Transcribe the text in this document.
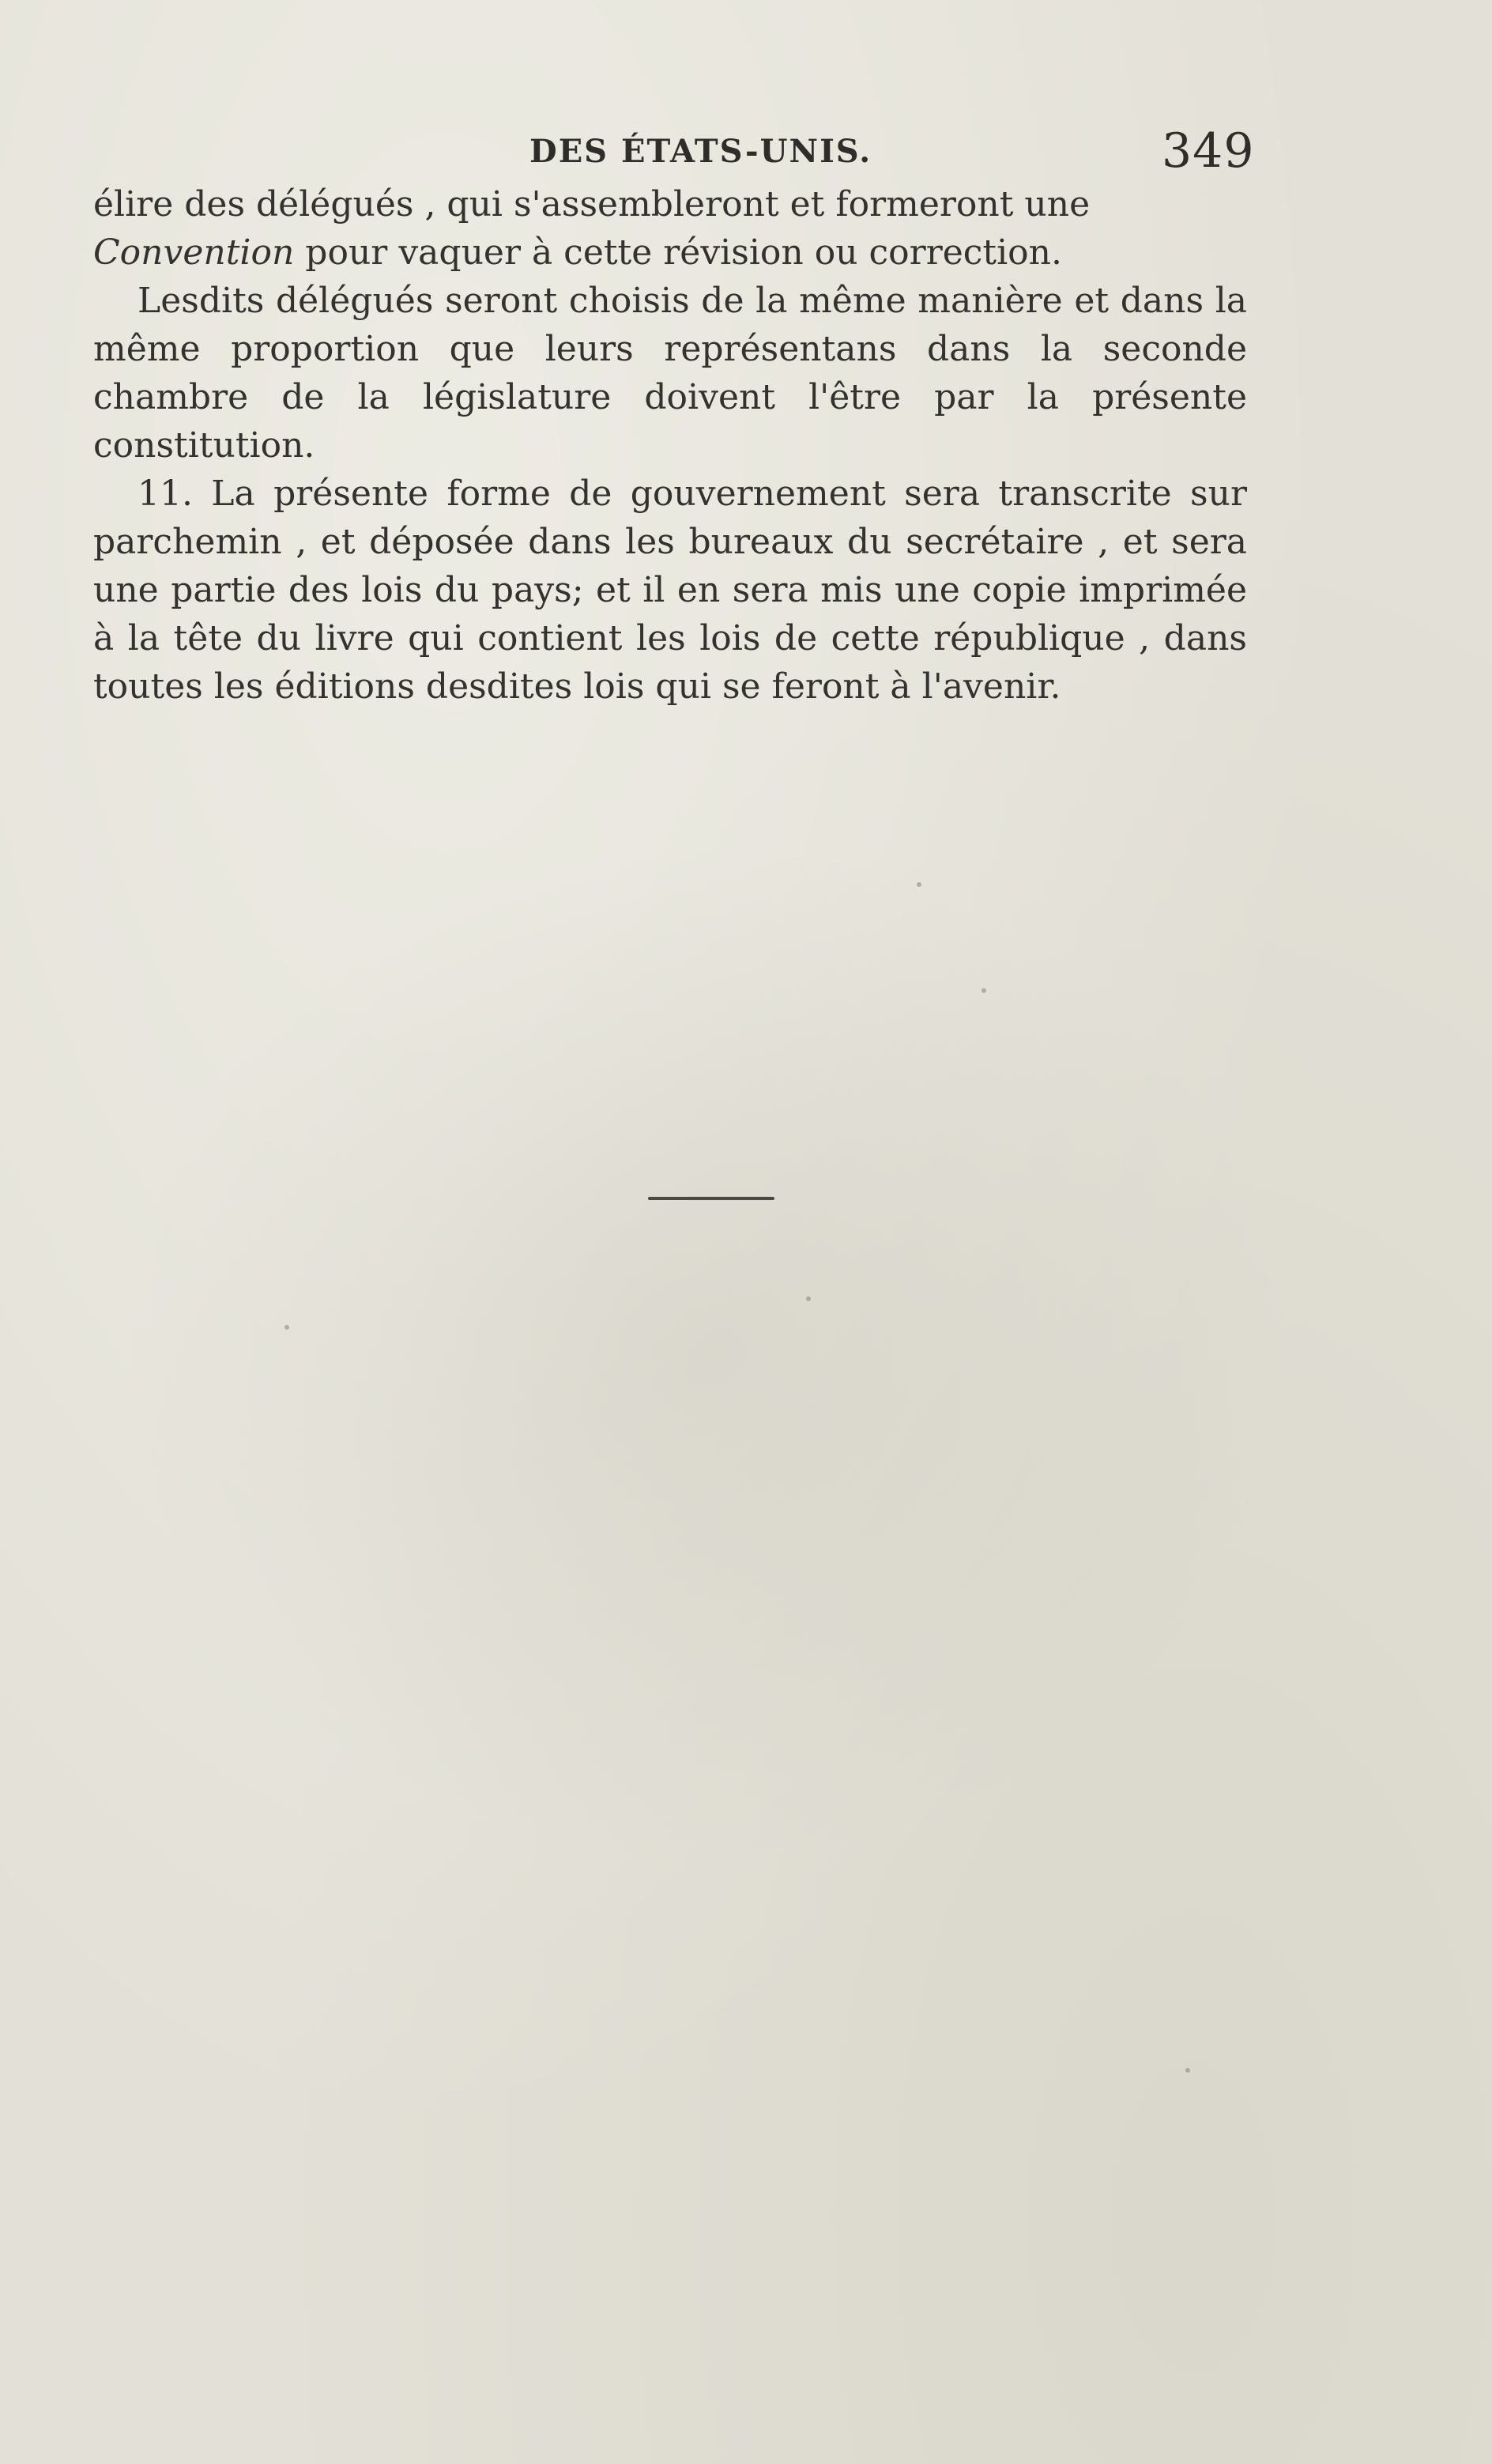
DES ÉTATS-UNIS.	349

élire des délégués , qui s'assembleront et formeront une
Convention pour vaquer à cette révision ou correction.

Lesdits délégués seront choisis de la même manière et dans la même proportion que leurs représentans dans la seconde chambre de la législature doivent l'être par la présente constitution.

11. La présente forme de gouvernement sera transcrite sur parchemin , et déposée dans les bureaux du secrétaire , et sera une partie des lois du pays; et il en sera mis une copie imprimée à la tête du livre qui contient les lois de cette république , dans toutes les éditions desdites lois qui se feront à l'avenir.
